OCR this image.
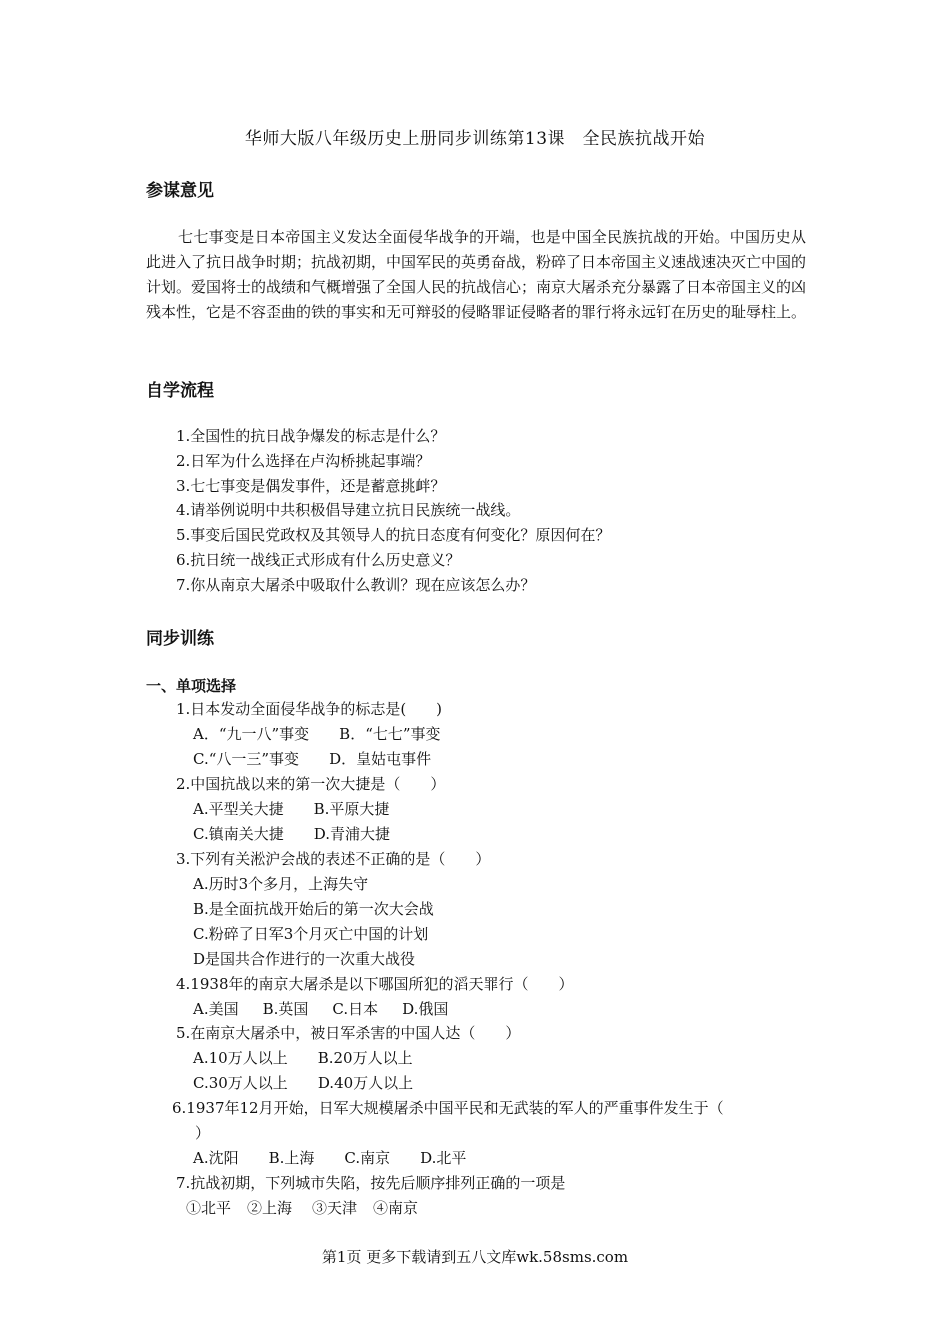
华师大版八年级历史上册同步训练第13课　全民族抗战开始
参谋意见
七七事变是日本帝国主义发达全面侵华战争的开端，也是中国全民族抗战的开始。中国历史从此进入了抗日战争时期；抗战初期，中国军民的英勇奋战，粉碎了日本帝国主义速战速决灭亡中国的计划。爱国将士的战绩和气概增强了全国人民的抗战信心；南京大屠杀充分暴露了日本帝国主义的凶残本性，它是不容歪曲的铁的事实和无可辩驳的侵略罪证侵略者的罪行将永远钉在历史的耻辱柱上。
自学流程
1.全国性的抗日战争爆发的标志是什么？
2.日军为什么选择在卢沟桥挑起事端？
3.七七事变是偶发事件，还是蓄意挑衅？
4.请举例说明中共积极倡导建立抗日民族统一战线。
5.事变后国民党政权及其领导人的抗日态度有何变化？原因何在？
6.抗日统一战线正式形成有什么历史意义？
7.你从南京大屠杀中吸取什么教训？现在应该怎么办？
同步训练
一、单项选择
1.日本发动全面侵华战争的标志是(　　)
A．“九一八”事变 B．“七七”事变
C.“八一三”事变 D．皇姑屯事件
2.中国抗战以来的第一次大捷是（　　）
A.平型关大捷 B.平原大捷
C.镇南关大捷 D.青浦大捷
3.下列有关淞沪会战的表述不正确的是（　　）
A.历时3个多月，上海失守
B.是全面抗战开始后的第一次大会战
C.粉碎了日军3个月灭亡中国的计划
D是国共合作进行的一次重大战役
4.1938年的南京大屠杀是以下哪国所犯的滔天罪行（　　）
A.美国 B.英国 C.日本 D.俄国
5.在南京大屠杀中，被日军杀害的中国人达（　　）
A.10万人以上 B.20万人以上
C.30万人以上 D.40万人以上
6.1937年12月开始，日军大规模屠杀中国平民和无武装的军人的严重事件发生于（
）
A.沈阳 B.上海 C.南京 D.北平
7.抗战初期，下列城市失陷，按先后顺序排列正确的一项是
①北平 ②上海 ③天津 ④南京
第1页 更多下载请到五八文库wk.58sms.com
